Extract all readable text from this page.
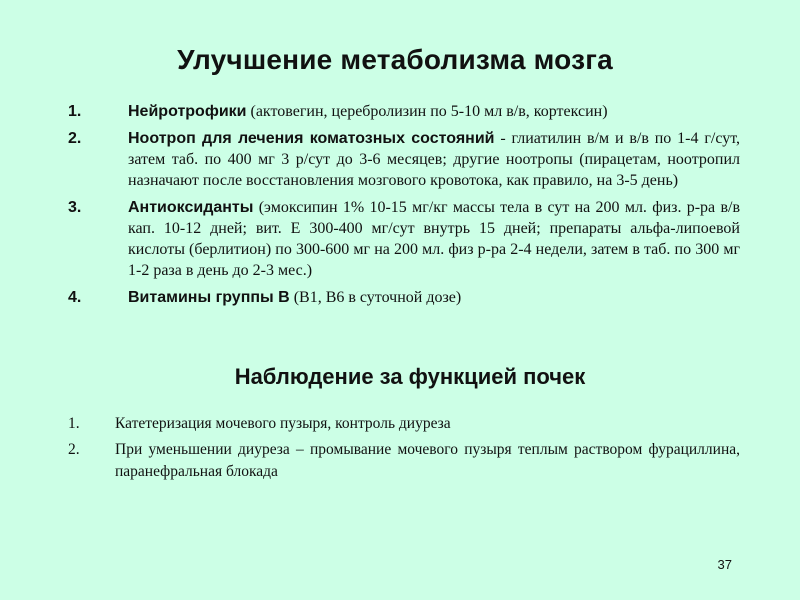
Улучшение метаболизма мозга
1.	Нейротрофики (актовегин, церебролизин по 5-10 мл в/в, кортексин)
2.	Ноотроп для лечения коматозных состояний - глиатилин в/м и в/в по 1-4 г/сут, затем таб. по 400 мг 3 р/сут до 3-6 месяцев; другие ноотропы (пирацетам, ноотропил назначают после восстановления мозгового кровотока, как правило, на 3-5 день)
3.	Антиоксиданты (эмоксипин 1% 10-15 мг/кг массы тела в сут на 200 мл. физ. р-ра в/в кап. 10-12 дней; вит. Е 300-400 мг/сут внутрь 15 дней; препараты альфа-липоевой кислоты (берлитион) по 300-600 мг на 200 мл. физ р-ра 2-4 недели, затем в таб. по 300 мг 1-2 раза в день до 2-3 мес.)
4.	Витамины группы В (В1, В6 в суточной дозе)
Наблюдение за функцией почек
1. Катетеризация мочевого пузыря, контроль диуреза
2. При уменьшении диуреза – промывание мочевого пузыря теплым раствором фурациллина, паранефральная блокада
37
